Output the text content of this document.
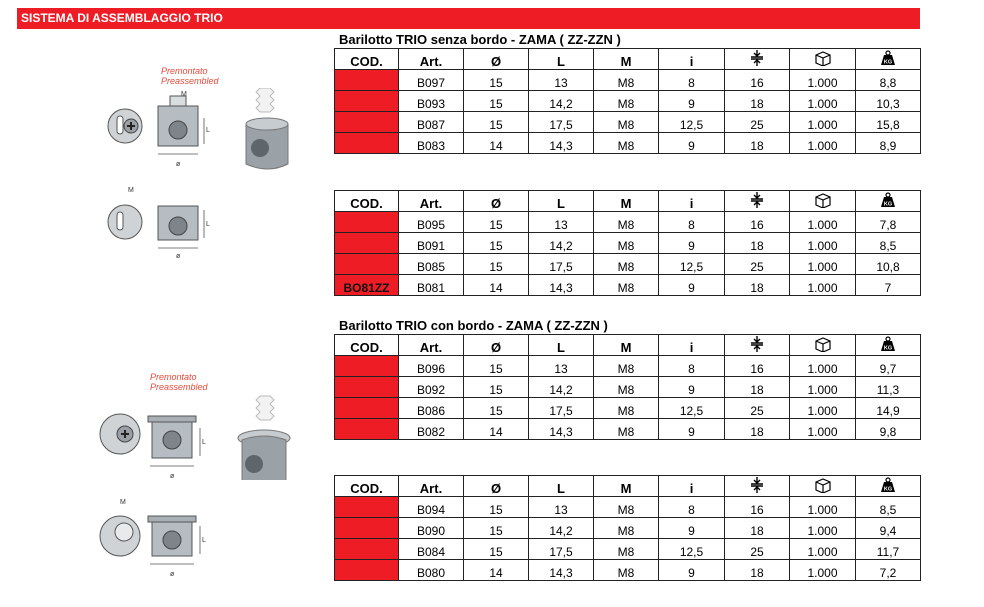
SISTEMA DI ASSEMBLAGGIO TRIO
Barilotto TRIO senza bordo - ZAMA ( ZZ-ZZN )
Barilotto TRIO con bordo - ZAMA ( ZZ-ZZN )
Premontato
Preassembled
Premontato
Preassembled
ø
M
L
M
ø
L
ø
L
M
ø
L
COD.	Art.	Ø	L	M	i			KG

	B097	15	13	M8	8	16	1.000	8,8
	B093	15	14,2	M8	9	18	1.000	10,3
	B087	15	17,5	M8	12,5	25	1.000	15,8
	B083	14	14,3	M8	9	18	1.000	8,9
COD.	Art.	Ø	L	M	i			KG

	B095	15	13	M8	8	16	1.000	7,8
	B091	15	14,2	M8	9	18	1.000	8,5
	B085	15	17,5	M8	12,5	25	1.000	10,8
BO81ZZ	B081	14	14,3	M8	9	18	1.000	7
COD.	Art.	Ø	L	M	i			KG

	B096	15	13	M8	8	16	1.000	9,7
	B092	15	14,2	M8	9	18	1.000	11,3
	B086	15	17,5	M8	12,5	25	1.000	14,9
	B082	14	14,3	M8	9	18	1.000	9,8
COD.	Art.	Ø	L	M	i			KG

	B094	15	13	M8	8	16	1.000	8,5
	B090	15	14,2	M8	9	18	1.000	9,4
	B084	15	17,5	M8	12,5	25	1.000	11,7
	B080	14	14,3	M8	9	18	1.000	7,2
